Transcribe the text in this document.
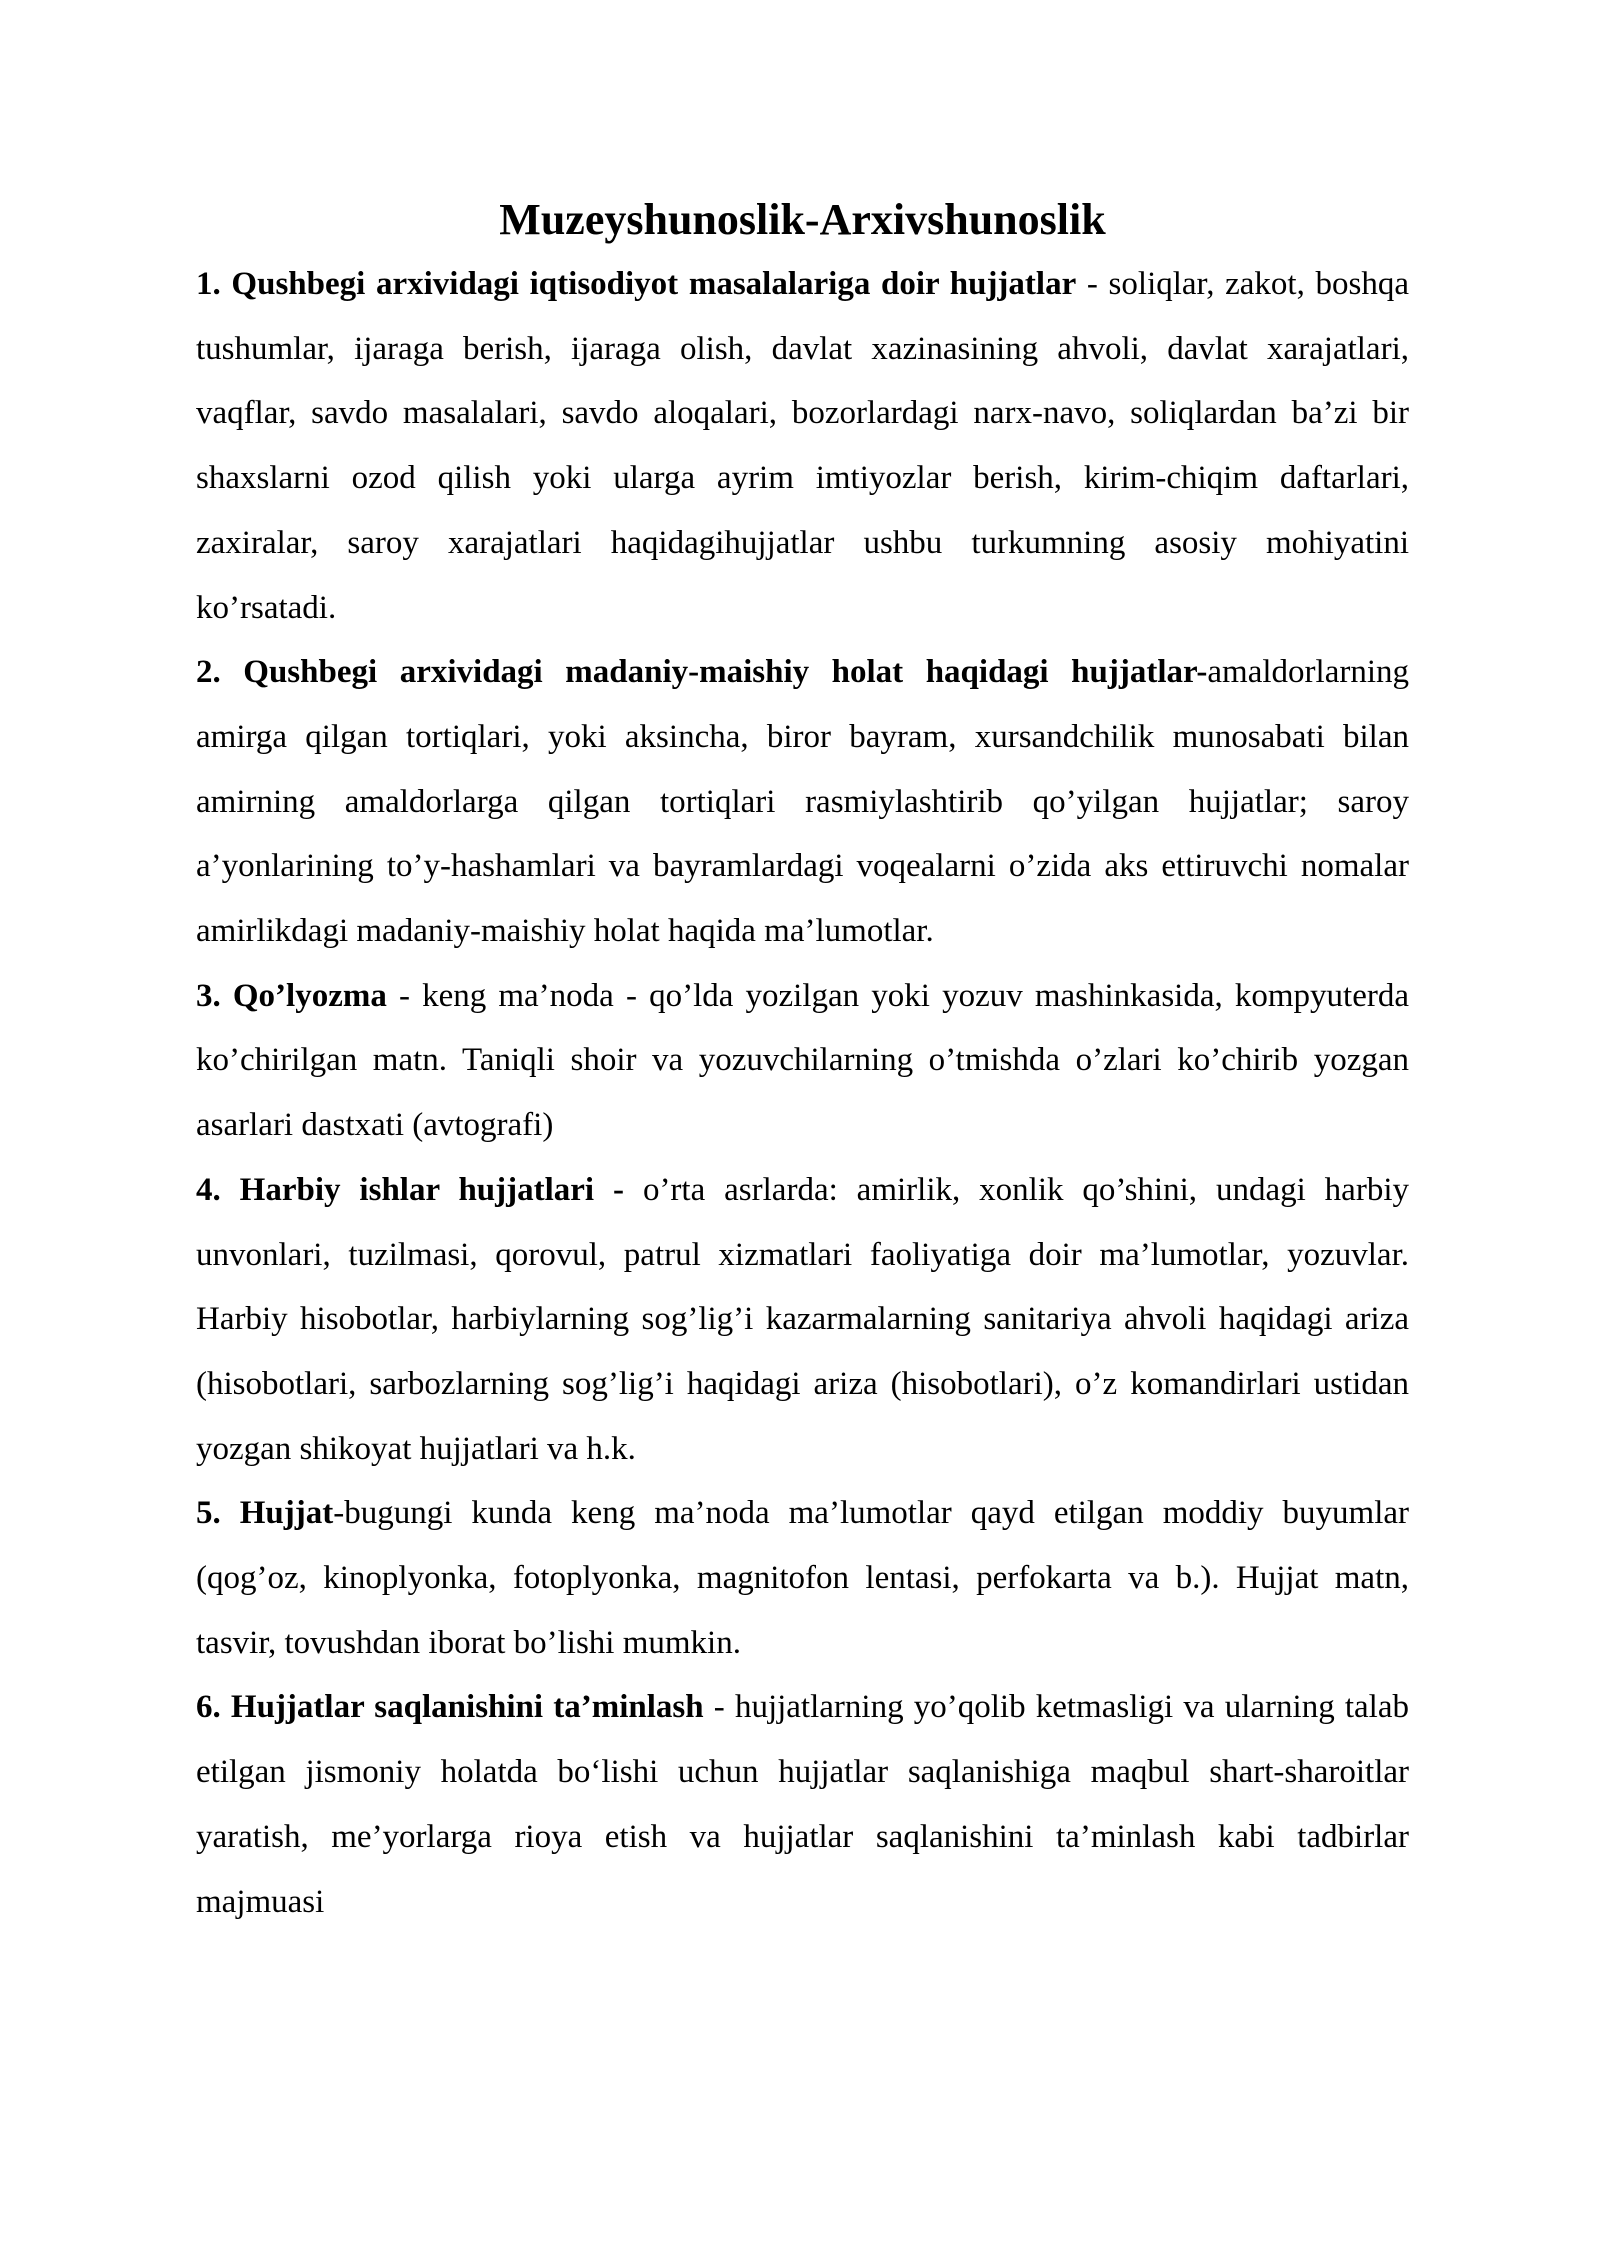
Muzeyshunoslik-Arxivshunoslik

1. Qushbegi arxividagi iqtisodiyot masalalariga doir hujjatlar - soliqlar, zakot, boshqa tushumlar, ijaraga berish, ijaraga olish, davlat xazinasining ahvoli, davlat xarajatlari, vaqflar, savdo masalalari, savdo aloqalari, bozorlardagi narx-navo, soliqlardan ba’zi bir shaxslarni ozod qilish yoki ularga ayrim imtiyozlar berish, kirim-chiqim daftarlari, zaxiralar, saroy xarajatlari haqidagihujjatlar ushbu turkumning asosiy mohiyatini ko’rsatadi.

2. Qushbegi arxividagi madaniy-maishiy holat haqidagi hujjatlar-amaldorlarning amirga qilgan tortiqlari, yoki aksincha, biror bayram, xursandchilik munosabati bilan amirning amaldorlarga qilgan tortiqlari rasmiylashtirib qo’yilgan hujjatlar; saroy a’yonlarining to’y-hashamlari va bayramlardagi voqealarni o’zida aks ettiruvchi nomalar amirlikdagi madaniy-maishiy holat haqida ma’lumotlar.

3. Qo’lyozma - keng ma’noda - qo’lda yozilgan yoki yozuv mashinkasida, kompyuterda ko’chirilgan matn. Taniqli shoir va yozuvchilarning o’tmishda o’zlari ko’chirib yozgan asarlari dastxati (avtografi)

4. Harbiy ishlar hujjatlari - o’rta asrlarda: amirlik, xonlik qo’shini, undagi harbiy unvonlari, tuzilmasi, qorovul, patrul xizmatlari faoliyatiga doir ma’lumotlar, yozuvlar. Harbiy hisobotlar, harbiylarning sog’lig’i kazarmalarning sanitariya ahvoli haqidagi ariza (hisobotlari, sarbozlarning sog’lig’i haqidagi ariza (hisobotlari), o’z komandirlari ustidan yozgan shikoyat hujjatlari va h.k.

5. Hujjat-bugungi kunda keng ma’noda ma’lumotlar qayd etilgan moddiy buyumlar (qog’oz, kinoplyonka, fotoplyonka, magnitofon lentasi, perfokarta va b.). Hujjat matn, tasvir, tovushdan iborat bo’lishi mumkin.

6. Hujjatlar saqlanishini ta’minlash - hujjatlarning yo’qolib ketmasligi va ularning talab etilgan jismoniy holatda bo‘lishi uchun hujjatlar saqlanishiga maqbul shart-sharoitlar yaratish, me’yorlarga rioya etish va hujjatlar saqlanishini ta’minlash kabi tadbirlar majmuasi
